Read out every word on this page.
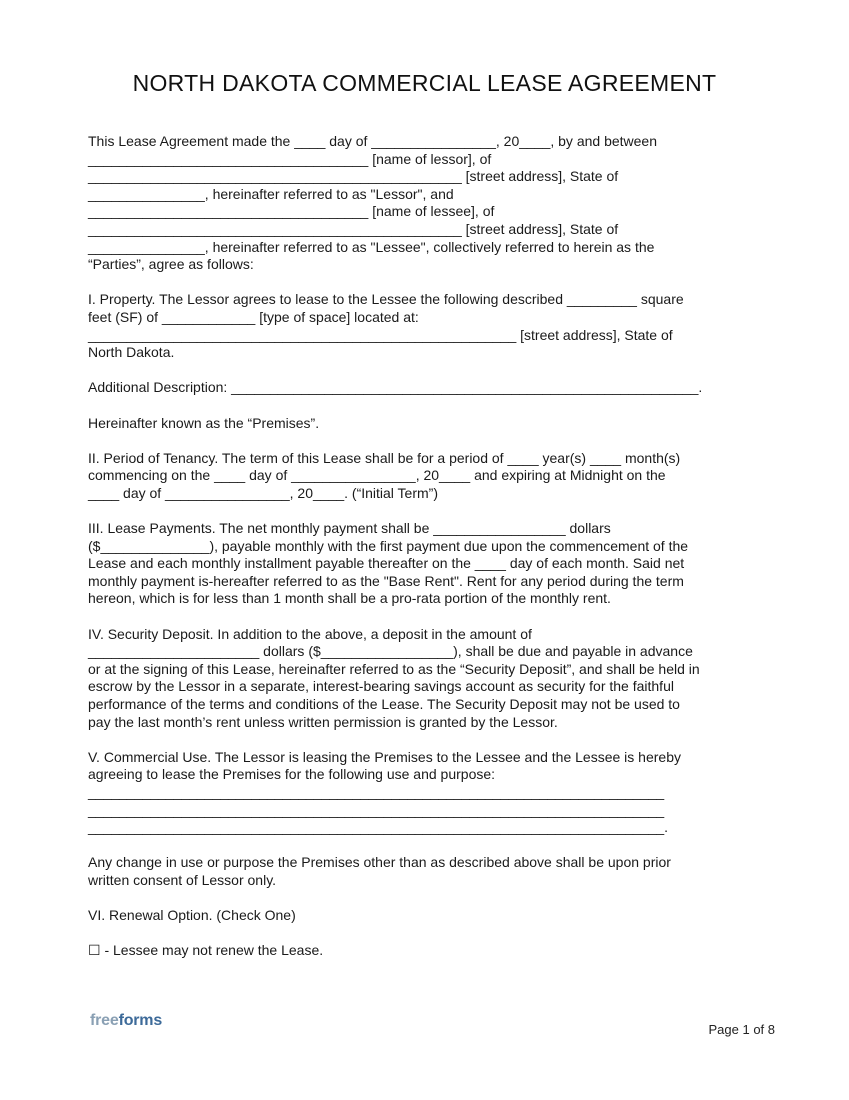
NORTH DAKOTA COMMERCIAL LEASE AGREEMENT

This Lease Agreement made the ____ day of ________________, 20____, by and between

____________________________________ [name of lessor], of

________________________________________________ [street address], State of

_______________, hereinafter referred to as "Lessor", and

____________________________________ [name of lessee], of

________________________________________________ [street address], State of

_______________, hereinafter referred to as "Lessee", collectively referred to herein as the

“Parties”, agree as follows:

I. Property. The Lessor agrees to lease to the Lessee the following described _________ square

feet (SF) of ____________ [type of space] located at:

_______________________________________________________ [street address], State of

North Dakota.

Additional Description: ____________________________________________________________.

Hereinafter known as the “Premises”.

II. Period of Tenancy. The term of this Lease shall be for a period of ____ year(s) ____ month(s)

commencing on the ____ day of ________________, 20____ and expiring at Midnight on the

____ day of ________________, 20____. (“Initial Term”)

III. Lease Payments. The net monthly payment shall be _________________ dollars

($______________), payable monthly with the first payment due upon the commencement of the

Lease and each monthly installment payable thereafter on the ____ day of each month. Said net

monthly payment is-hereafter referred to as the "Base Rent". Rent for any period during the term

hereon, which is for less than 1 month shall be a pro-rata portion of the monthly rent.

IV. Security Deposit. In addition to the above, a deposit in the amount of

______________________ dollars ($_________________), shall be due and payable in advance

or at the signing of this Lease, hereinafter referred to as the “Security Deposit”, and shall be held in

escrow by the Lessor in a separate, interest-bearing savings account as security for the faithful

performance of the terms and conditions of the Lease. The Security Deposit may not be used to

pay the last month’s rent unless written permission is granted by the Lessor.

V. Commercial Use. The Lessor is leasing the Premises to the Lessee and the Lessee is hereby

agreeing to lease the Premises for the following use and purpose:

__________________________________________________________________________

__________________________________________________________________________

__________________________________________________________________________.

Any change in use or purpose the Premises other than as described above shall be upon prior

written consent of Lessor only.

VI. Renewal Option. (Check One)

☐ - Lessee may not renew the Lease.
freeforms
Page 1 of 8
